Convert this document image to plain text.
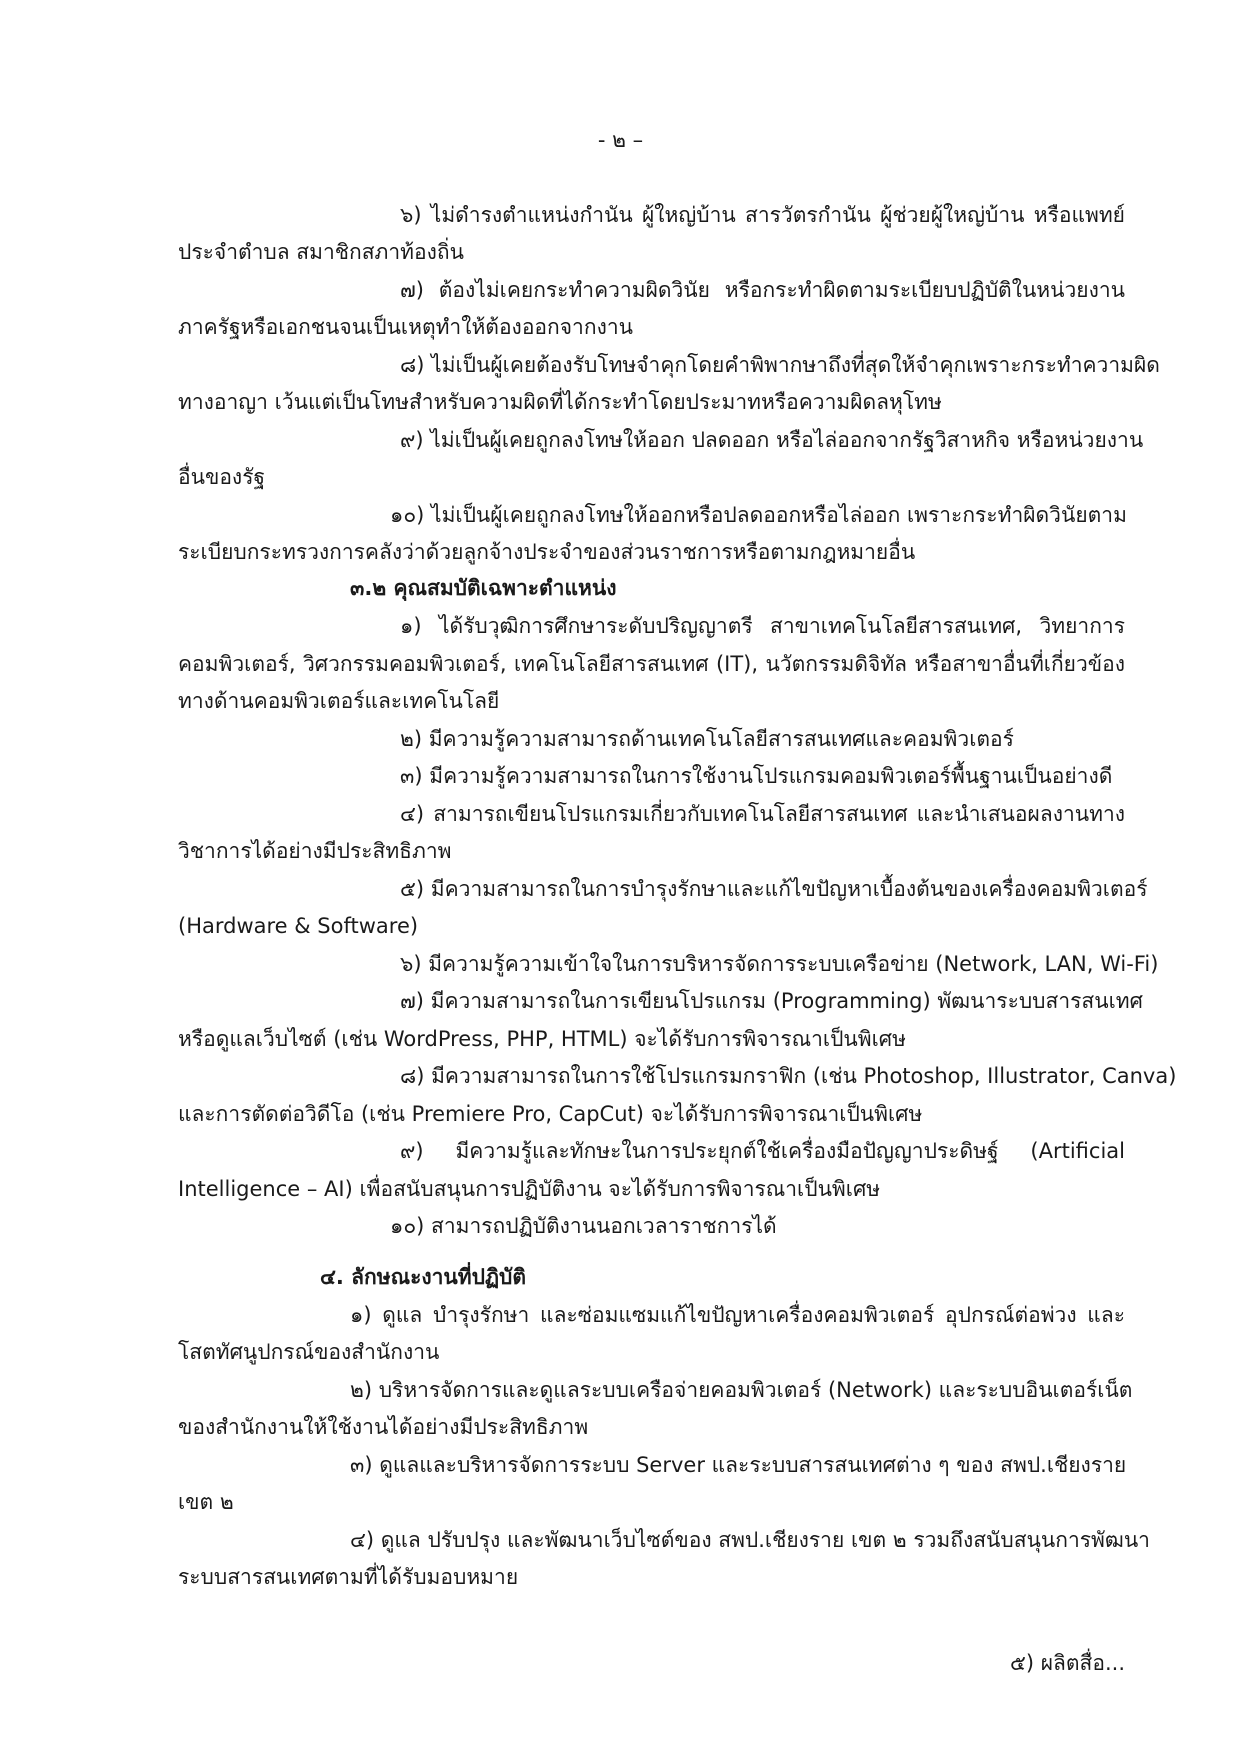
- ๒ –
๖) ไม่ดำรงตำแหน่งกำนัน ผู้ใหญ่บ้าน สารวัตรกำนัน ผู้ช่วยผู้ใหญ่บ้าน หรือแพทย์
ประจำตำบล สมาชิกสภาท้องถิ่น
๗) ต้องไม่เคยกระทำความผิดวินัย หรือกระทำผิดตามระเบียบปฏิบัติในหน่วยงาน
ภาครัฐหรือเอกชนจนเป็นเหตุทำให้ต้องออกจากงาน
๘) ไม่เป็นผู้เคยต้องรับโทษจำคุกโดยคำพิพากษาถึงที่สุดให้จำคุกเพราะกระทำความผิด
ทางอาญา เว้นแต่เป็นโทษสำหรับความผิดที่ได้กระทำโดยประมาทหรือความผิดลหุโทษ
๙) ไม่เป็นผู้เคยถูกลงโทษให้ออก ปลดออก หรือไล่ออกจากรัฐวิสาหกิจ หรือหน่วยงาน
อื่นของรัฐ
๑๐) ไม่เป็นผู้เคยถูกลงโทษให้ออกหรือปลดออกหรือไล่ออก เพราะกระทำผิดวินัยตาม
ระเบียบกระทรวงการคลังว่าด้วยลูกจ้างประจำของส่วนราชการหรือตามกฎหมายอื่น
๓.๒ คุณสมบัติเฉพาะตำแหน่ง
๑) ได้รับวุฒิการศึกษาระดับปริญญาตรี สาขาเทคโนโลยีสารสนเทศ, วิทยาการ
คอมพิวเตอร์, วิศวกรรมคอมพิวเตอร์, เทคโนโลยีสารสนเทศ (IT), นวัตกรรมดิจิทัล หรือสาขาอื่นที่เกี่ยวข้อง
ทางด้านคอมพิวเตอร์และเทคโนโลยี
๒) มีความรู้ความสามารถด้านเทคโนโลยีสารสนเทศและคอมพิวเตอร์
๓) มีความรู้ความสามารถในการใช้งานโปรแกรมคอมพิวเตอร์พื้นฐานเป็นอย่างดี
๔) สามารถเขียนโปรแกรมเกี่ยวกับเทคโนโลยีสารสนเทศ และนำเสนอผลงานทาง
วิชาการได้อย่างมีประสิทธิภาพ
๕) มีความสามารถในการบำรุงรักษาและแก้ไขปัญหาเบื้องต้นของเครื่องคอมพิวเตอร์
(Hardware & Software)
๖) มีความรู้ความเข้าใจในการบริหารจัดการระบบเครือข่าย (Network, LAN, Wi-Fi)
๗) มีความสามารถในการเขียนโปรแกรม (Programming) พัฒนาระบบสารสนเทศ
หรือดูแลเว็บไซต์ (เช่น WordPress, PHP, HTML) จะได้รับการพิจารณาเป็นพิเศษ
๘) มีความสามารถในการใช้โปรแกรมกราฟิก (เช่น Photoshop, Illustrator, Canva)
และการตัดต่อวิดีโอ (เช่น Premiere Pro, CapCut) จะได้รับการพิจารณาเป็นพิเศษ
๙) มีความรู้และทักษะในการประยุกต์ใช้เครื่องมือปัญญาประดิษฐ์ (Artificial
Intelligence – AI) เพื่อสนับสนุนการปฏิบัติงาน จะได้รับการพิจารณาเป็นพิเศษ
๑๐) สามารถปฏิบัติงานนอกเวลาราชการได้
๔. ลักษณะงานที่ปฏิบัติ
๑) ดูแล บำรุงรักษา และซ่อมแซมแก้ไขปัญหาเครื่องคอมพิวเตอร์ อุปกรณ์ต่อพ่วง และ
โสตทัศนูปกรณ์ของสำนักงาน
๒) บริหารจัดการและดูแลระบบเครือจ่ายคอมพิวเตอร์ (Network) และระบบอินเตอร์เน็ต
ของสำนักงานให้ใช้งานได้อย่างมีประสิทธิภาพ
๓) ดูแลและบริหารจัดการระบบ Server และระบบสารสนเทศต่าง ๆ ของ สพป.เชียงราย
เขต ๒
๔) ดูแล ปรับปรุง และพัฒนาเว็บไซต์ของ สพป.เชียงราย เขต ๒ รวมถึงสนับสนุนการพัฒนา
ระบบสารสนเทศตามที่ได้รับมอบหมาย
๕) ผลิตสื่อ...
